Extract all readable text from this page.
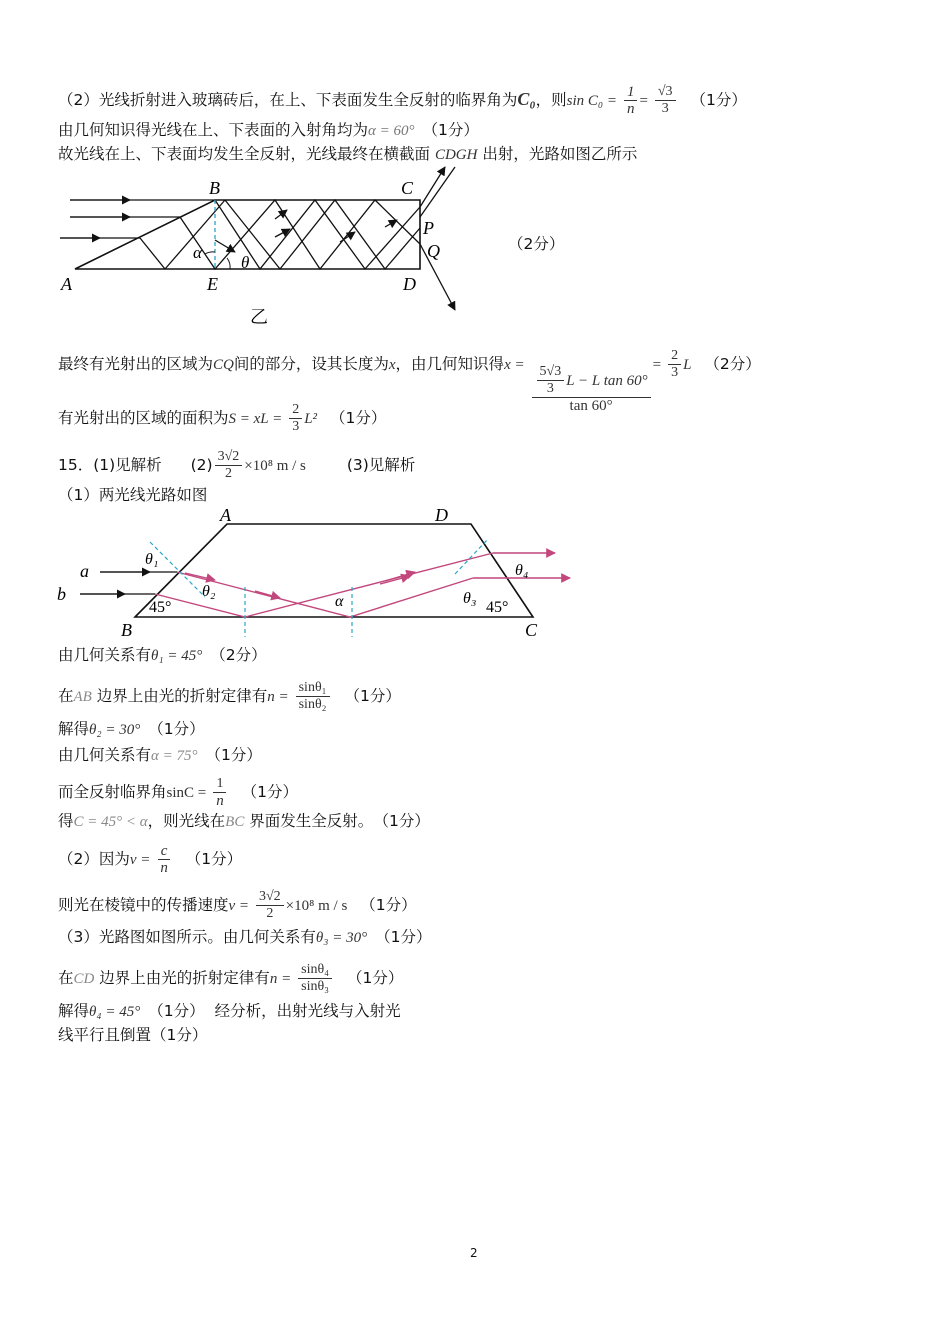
（2）光线折射进入玻璃砖后，在上、下表面发生全反射的临界角为C₀，则$\sin C_0 = \frac{1}{n} = \frac{√3}{3} (1$分）
由几何知识得光线在上、下表面的入射角均为α = 60° （1分）
故光线在上、下表面均发生全反射，光线最终在横截面 CDGH 出射，光路如图乙所示
B	C
A	E	D
P
Q
α
θ
乙
（2分）
最终有光射出的区域为CQ间的部分，设其长度为x，由几何知识得$x = \frac{\frac{5√3}{3} L - L \tan 60^\circ}{\tan 60^\circ} = \frac{2}{3}$ L （2分）
有光射出的区域的面积为S = xL = $\frac{2}{3} L^2$ （1分）
15．(1)见解析 $(2) \frac{3√2}{2} \times 10^8$ m / s	(3)见解析
（1）两光线光路如图
A	D
B	C
a
b
θ₁
θ₂	θ₃
θ₄
α
45°	45°
由几何关系有θ₁ = 45° （2分）
在AB 边界上由光的折射定律有$n = \frac{\text{sinθ₁}}{\text{sinθ₂}} (1$分）
解得θ₂ = 30° （1分）
由几何关系有α = 75° （1分）
而全反射临界角$\sin C = \frac{1}{n} (1$分）
得C = 45° < α，则光线在BC 界面发生全反射。 （1分）
（2）因为$v = \frac{c}{n} (1$分）
则光在棱镜中的传播速度$v = \frac{3√2}{2} \times 10^8$ m / s （1分）
（3）光路图如图所示。由几何关系有θ₃ = 30° （1分）
在CD 边界上由光的折射定律有$n = \frac{\text{sinθ₄}}{\text{sinθ₃}} (1$分）
解得θ₄ = 45° （1分） 经分析，出射光线与入射光
线平行且倒置（1分）
2
